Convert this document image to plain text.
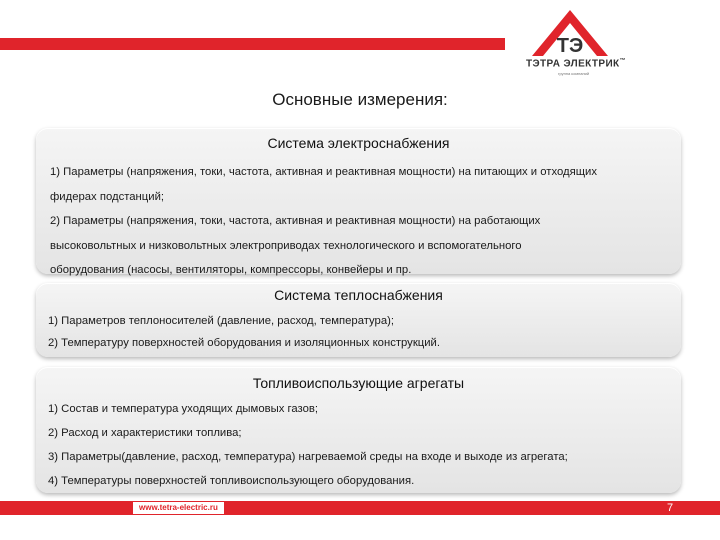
ТЭ
ТЭТРА ЭЛЕКТРИК™
группа компаний
Основные измерения:
Система электроснабжения
1) Параметры (напряжения, токи, частота, активная и реактивная мощности) на питающих и отходящих
фидерах подстанций;
2) Параметры (напряжения, токи, частота, активная и реактивная мощности) на работающих
высоковольтных и низковольтных электроприводах технологического и вспомогательного
оборудования (насосы, вентиляторы, компрессоры, конвейеры и пр.
Система теплоснабжения
1) Параметров теплоносителей (давление, расход, температура);
2) Температуру поверхностей оборудования и изоляционных конструкций.
Топливоиспользующие агрегаты
1) Состав и температура уходящих дымовых газов;
2) Расход и характеристики топлива;
3) Параметры(давление, расход, температура) нагреваемой среды на входе и выходе из агрегата;
4) Температуры поверхностей топливоиспользующего оборудования.
www.tetra-electric.ru	7
